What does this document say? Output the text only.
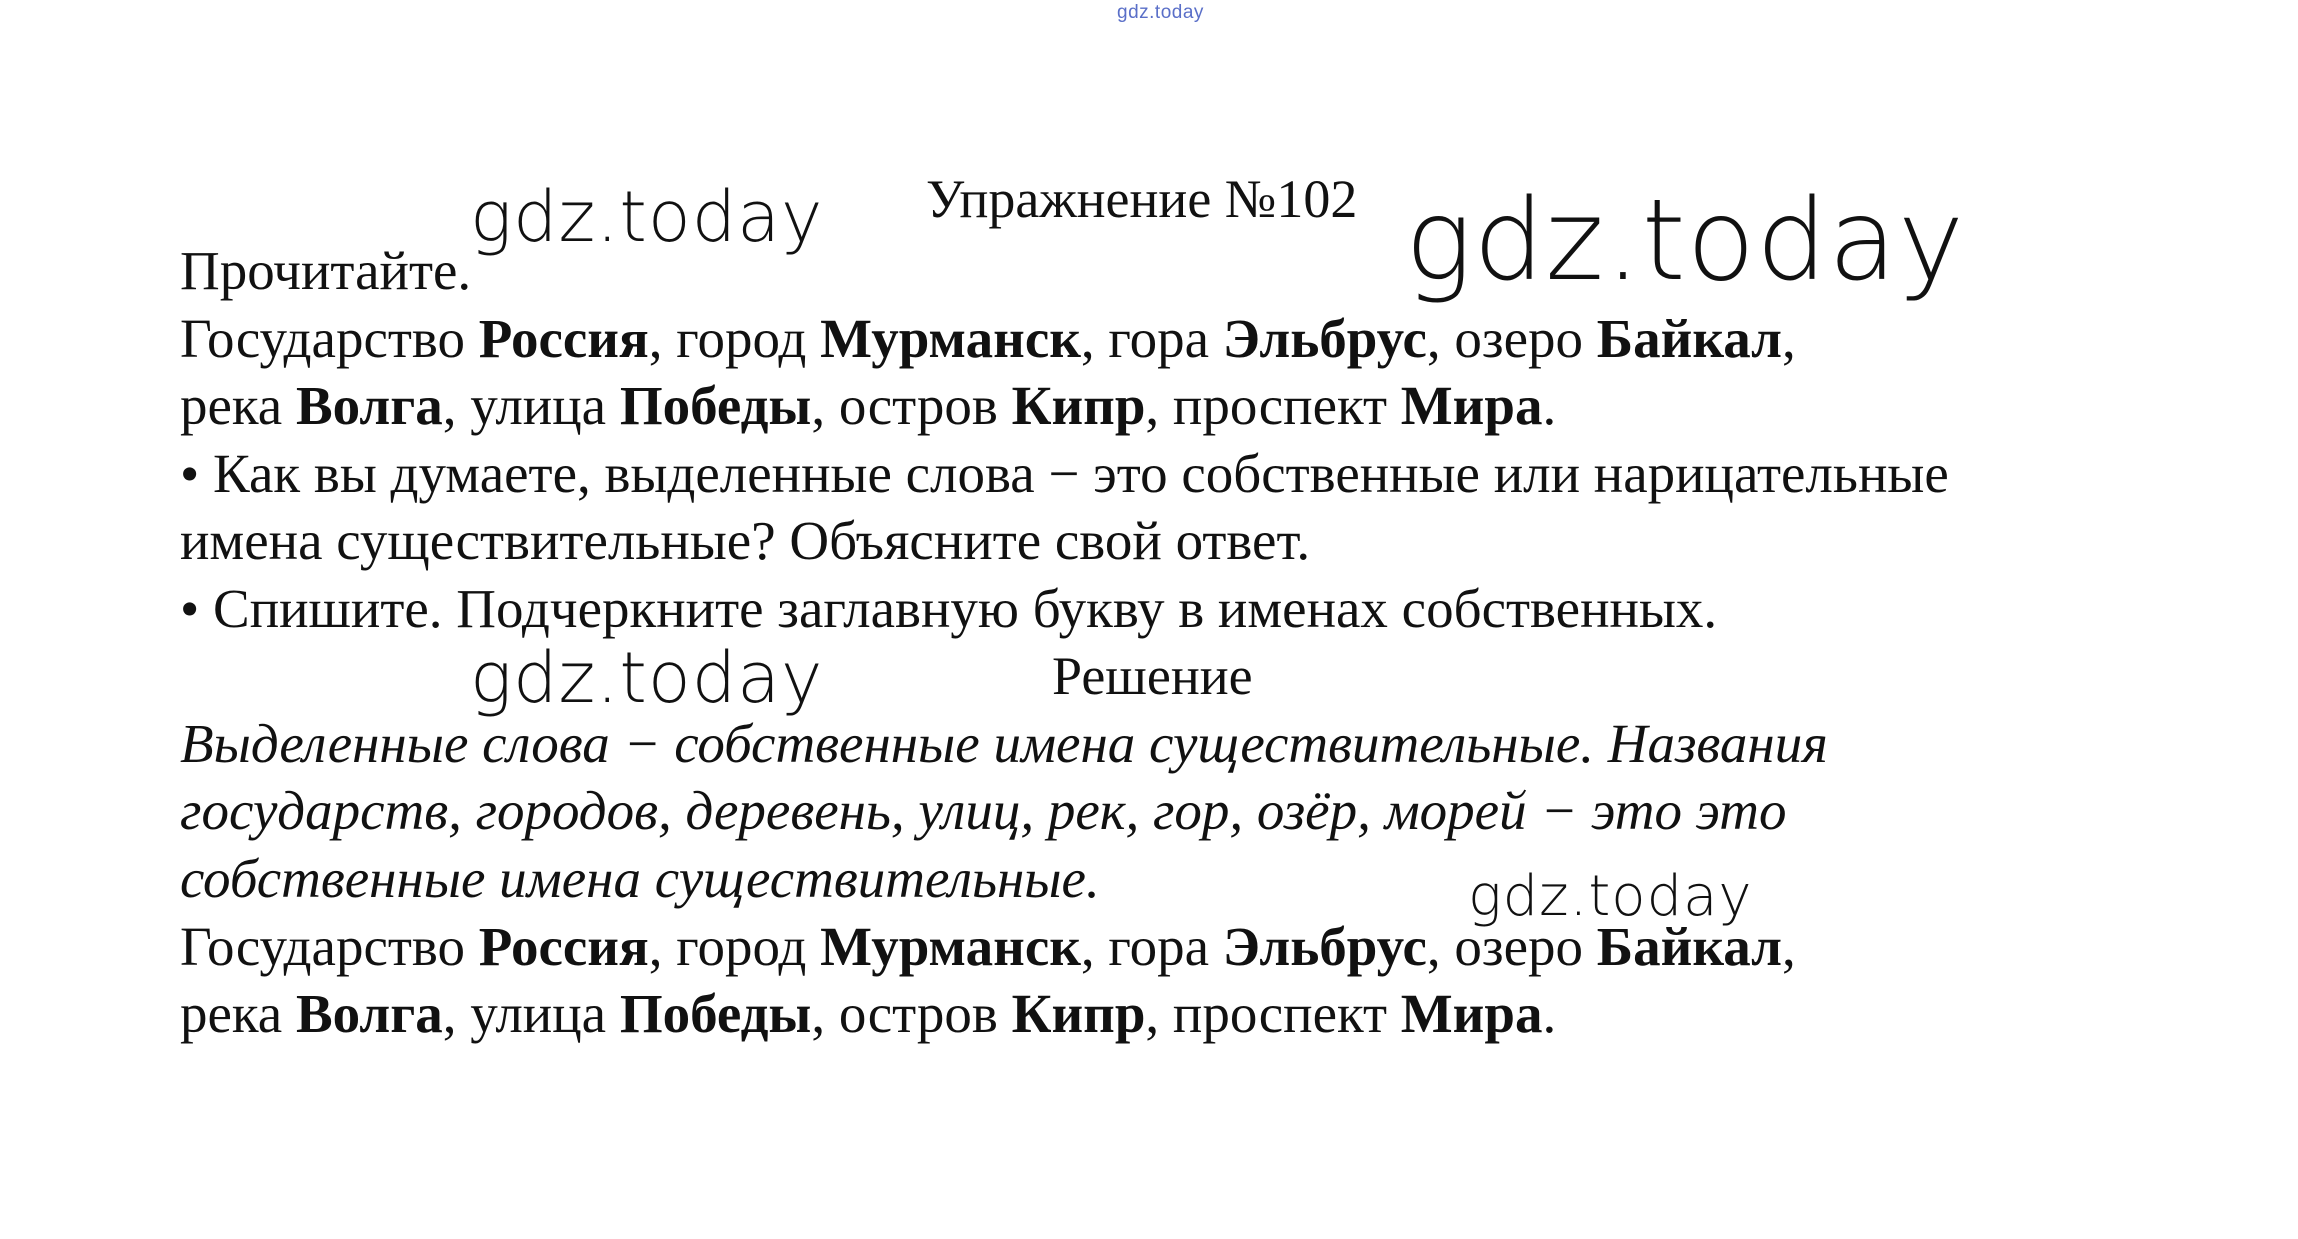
gdz.today
gdz.today	gdz.today
gdz.today
gdz.today
Упражнение №102
Прочитайте.
Государство Россия, город Мурманск, гора Эльбрус, озеро Байкал,
река Волга, улица Победы, остров Кипр, проспект Мира.
• Как вы думаете, выделенные слова − это собственные или нарицательные
имена существительные? Объясните свой ответ.
• Спишите. Подчеркните заглавную букву в именах собственных.
Решение
Выделенные слова − собственные имена существительные. Названия
государств, городов, деревень, улиц, рек, гор, озёр, морей − это это
собственные имена существительные.
Государство Россия, город Мурманск, гора Эльбрус, озеро Байкал,
река Волга, улица Победы, остров Кипр, проспект Мира.
